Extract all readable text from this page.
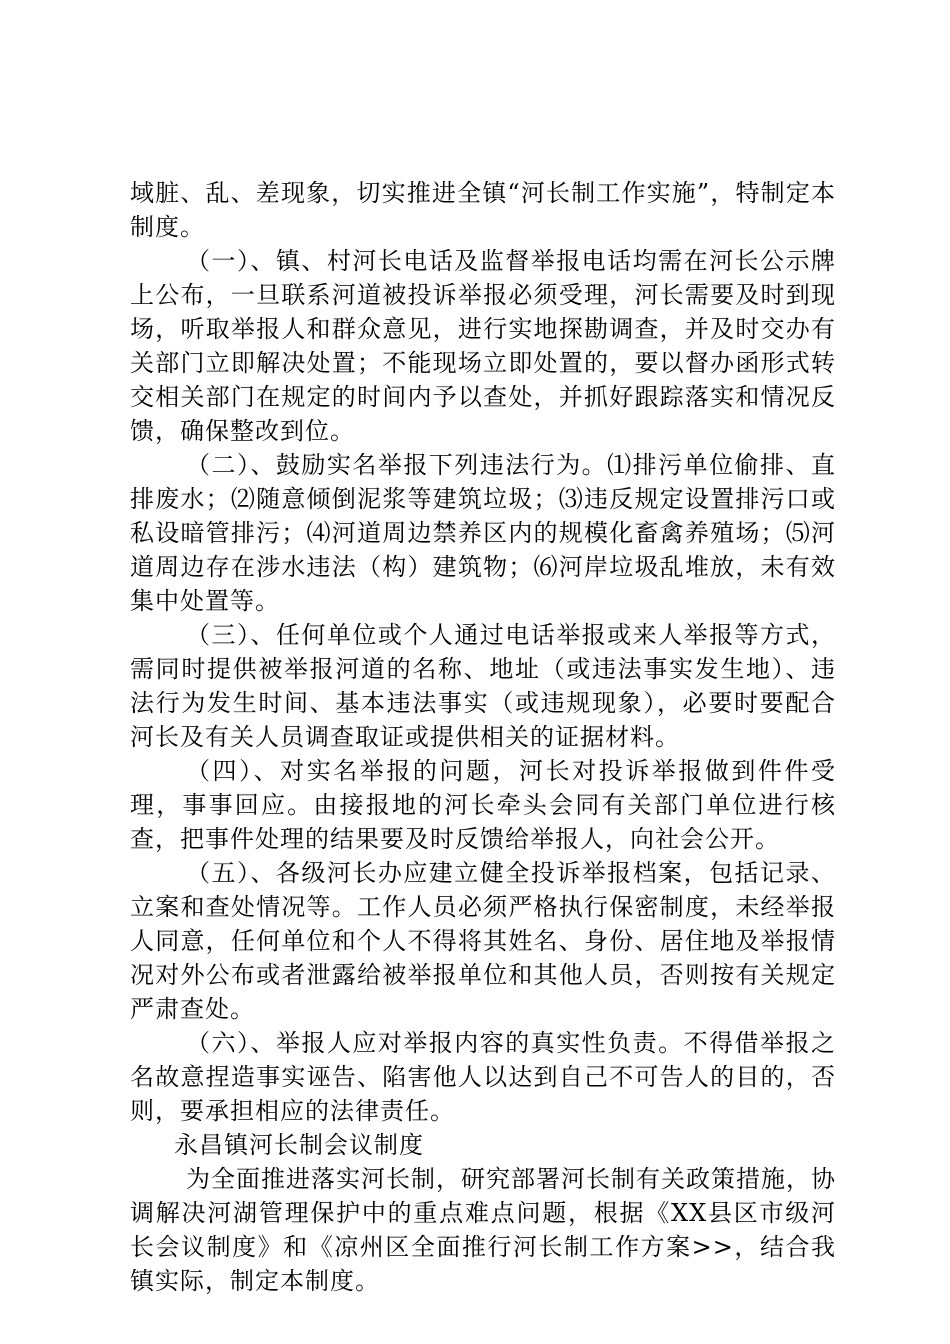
域脏、乱、差现象，切实推进全镇“河长制工作实施”，特制定本制度。

（一）、镇、村河长电话及监督举报电话均需在河长公示牌上公布，一旦联系河道被投诉举报必须受理，河长需要及时到现场，听取举报人和群众意见，进行实地探勘调查，并及时交办有关部门立即解决处置；不能现场立即处置的，要以督办函形式转交相关部门在规定的时间内予以查处，并抓好跟踪落实和情况反馈，确保整改到位。

（二）、鼓励实名举报下列违法行为。⑴排污单位偷排、直排废水；⑵随意倾倒泥浆等建筑垃圾；⑶违反规定设置排污口或私设暗管排污；⑷河道周边禁养区内的规模化畜禽养殖场；⑸河道周边存在涉水违法（构）建筑物；⑹河岸垃圾乱堆放，未有效集中处置等。

（三）、任何单位或个人通过电话举报或来人举报等方式，需同时提供被举报河道的名称、地址（或违法事实发生地）、违法行为发生时间、基本违法事实（或违规现象），必要时要配合河长及有关人员调查取证或提供相关的证据材料。

（四）、对实名举报的问题，河长对投诉举报做到件件受理，事事回应。由接报地的河长牵头会同有关部门单位进行核查，把事件处理的结果要及时反馈给举报人，向社会公开。

（五）、各级河长办应建立健全投诉举报档案，包括记录、立案和查处情况等。工作人员必须严格执行保密制度，未经举报人同意，任何单位和个人不得将其姓名、身份、居住地及举报情况对外公布或者泄露给被举报单位和其他人员，否则按有关规定严肃查处。

（六）、举报人应对举报内容的真实性负责。不得借举报之名故意捏造事实诬告、陷害他人以达到自己不可告人的目的，否则，要承担相应的法律责任。

永昌镇河长制会议制度

为全面推进落实河长制，研究部署河长制有关政策措施，协调解决河湖管理保护中的重点难点问题，根据《XX县区市级河长会议制度》和《凉州区全面推行河长制工作方案>>，结合我镇实际，制定本制度。
